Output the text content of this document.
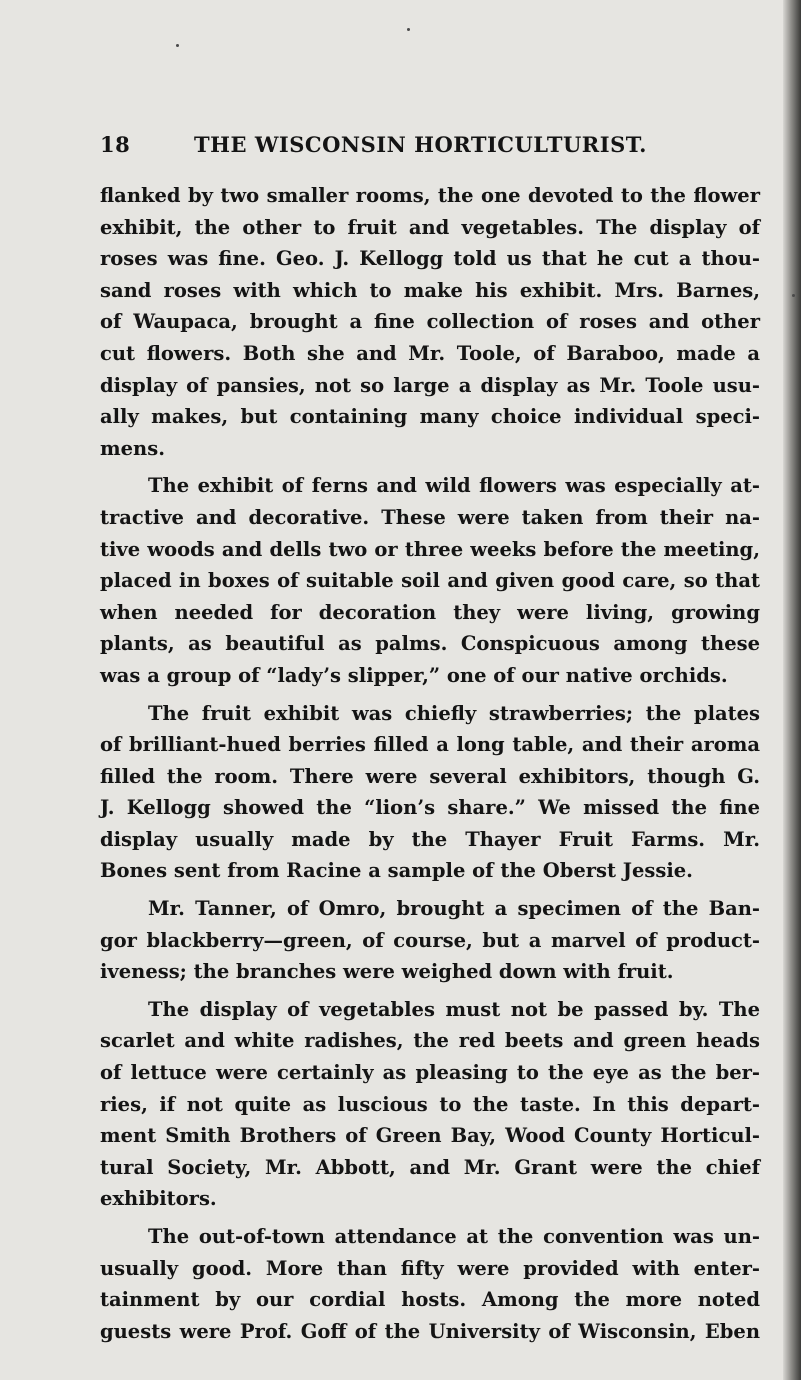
18	THE WISCONSIN HORTICULTURIST.
flanked by two smaller rooms, the one devoted to the flower
exhibit, the other to fruit and vegetables. The display of
roses was fine. Geo. J. Kellogg told us that he cut a thou-
sand roses with which to make his exhibit. Mrs. Barnes,
of Waupaca, brought a fine collection of roses and other
cut flowers. Both she and Mr. Toole, of Baraboo, made a
display of pansies, not so large a display as Mr. Toole usu-
ally makes, but containing many choice individual speci-
mens.
The exhibit of ferns and wild flowers was especially at-
tractive and decorative. These were taken from their na-
tive woods and dells two or three weeks before the meeting,
placed in boxes of suitable soil and given good care, so that
when needed for decoration they were living, growing
plants, as beautiful as palms. Conspicuous among these
was a group of “lady’s slipper,” one of our native orchids.
The fruit exhibit was chiefly strawberries; the plates
of brilliant-hued berries filled a long table, and their aroma
filled the room. There were several exhibitors, though G.
J. Kellogg showed the “lion’s share.” We missed the fine
display usually made by the Thayer Fruit Farms. Mr.
Bones sent from Racine a sample of the Oberst Jessie.
Mr. Tanner, of Omro, brought a specimen of the Ban-
gor blackberry—green, of course, but a marvel of product-
iveness; the branches were weighed down with fruit.
The display of vegetables must not be passed by. The
scarlet and white radishes, the red beets and green heads
of lettuce were certainly as pleasing to the eye as the ber-
ries, if not quite as luscious to the taste. In this depart-
ment Smith Brothers of Green Bay, Wood County Horticul-
tural Society, Mr. Abbott, and Mr. Grant were the chief
exhibitors.
The out-of-town attendance at the convention was un-
usually good. More than fifty were provided with enter-
tainment by our cordial hosts. Among the more noted
guests were Prof. Goff of the University of Wisconsin, Eben
